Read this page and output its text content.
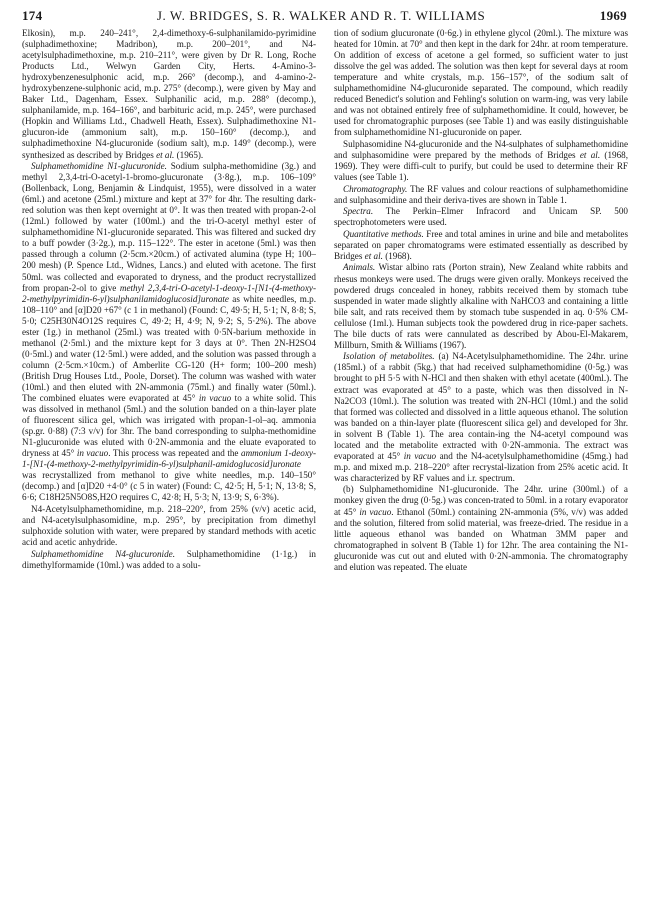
174	J. W. BRIDGES, S. R. WALKER AND R. T. WILLIAMS	1969

Elkosin), m.p. 240–241°, 2,4-dimethoxy-6-sulphanilamido-pyrimidine (sulphadimethoxine; Madribon), m.p. 200–201°, and N4-acetylsulphadimethoxine, m.p. 210–211°, were given by Dr R. Long, Roche Products Ltd., Welwyn Garden City, Herts. 4-Amino-3-hydroxybenzenesulphonic acid, m.p. 266° (decomp.), and 4-amino-2-hydroxybenzene-sulphonic acid, m.p. 275° (decomp.), were given by May and Baker Ltd., Dagenham, Essex. Sulphanilic acid, m.p. 288° (decomp.), sulphanilamide, m.p. 164–166°, and barbituric acid, m.p. 245°, were purchased (Hopkin and Williams Ltd., Chadwell Heath, Essex). Sulphadimethoxine N1-glucuron-ide (ammonium salt), m.p. 150–160° (decomp.), and sulphadimethoxine N4-glucuronide (sodium salt), m.p. 149° (decomp.), were synthesized as described by Bridges et al. (1965).

Sulphamethomidine N1-glucuronide. Sodium sulpha-methomidine (3g.) and methyl 2,3,4-tri-O-acetyl-1-bromo-glucuronate (3·8g.), m.p. 106–109° (Bollenback, Long, Benjamin & Lindquist, 1955), were dissolved in a water (6ml.) and acetone (25ml.) mixture and kept at 37° for 4hr. The resulting dark-red solution was then kept overnight at 0°. It was then treated with propan-2-ol (12ml.) followed by water (100ml.) and the tri-O-acetyl methyl ester of sulphamethomidine N1-glucuronide separated. This was filtered and sucked dry to a buff powder (3·2g.), m.p. 115–122°. The ester in acetone (5ml.) was then passed through a column (2·5cm.×20cm.) of activated alumina (type H; 100–200 mesh) (P. Spence Ltd., Widnes, Lancs.) and eluted with acetone. The first 50ml. was collected and evaporated to dryness, and the product recrystallized from propan-2-ol to give methyl 2,3,4-tri-O-acetyl-1-deoxy-1-[N1-(4-methoxy-2-methylpyrimidin-6-yl)sulphanilamidoglucosid]uronate as white needles, m.p. 108–110° and [α]D20 +67° (c 1 in methanol) (Found: C, 49·5; H, 5·1; N, 8·8; S, 5·0; C25H30N4O12S requires C, 49·2; H, 4·9; N, 9·2; S, 5·2%). The above ester (1g.) in methanol (25ml.) was treated with 0·5N-barium methoxide in methanol (2·5ml.) and the mixture kept for 3 days at 0°. Then 2N-H2SO4 (0·5ml.) and water (12·5ml.) were added, and the solution was passed through a column (2·5cm.×10cm.) of Amberlite CG-120 (H+ form; 100–200 mesh) (British Drug Houses Ltd., Poole, Dorset). The column was washed with water (10ml.) and then eluted with 2N-ammonia (75ml.) and finally water (50ml.). The combined eluates were evaporated at 45° in vacuo to a white solid. This was dissolved in methanol (5ml.) and the solution banded on a thin-layer plate of fluorescent silica gel, which was irrigated with propan-1-ol–aq. ammonia (sp.gr. 0·88) (7:3 v/v) for 3hr. The band corresponding to sulpha-methomidine N1-glucuronide was eluted with 0·2N-ammonia and the eluate evaporated to dryness at 45° in vacuo. This process was repeated and the ammonium 1-deoxy-1-[N1-(4-methoxy-2-methylpyrimidin-6-yl)sulphanil-amidoglucosid]uronate was recrystallized from methanol to give white needles, m.p. 140–150° (decomp.) and [α]D20 +4·0° (c 5 in water) (Found: C, 42·5; H, 5·1; N, 13·8; S, 6·6; C18H25N5O8S,H2O requires C, 42·8; H, 5·3; N, 13·9; S, 6·3%).

N4-Acetylsulphamethomidine, m.p. 218–220°, from 25% (v/v) acetic acid, and N4-acetylsulphasomidine, m.p. 295°, by precipitation from dimethyl sulphoxide solution with water, were prepared by standard methods with acetic acid and acetic anhydride.

Sulphamethomidine N4-glucuronide. Sulphamethomidine (1·1g.) in dimethylformamide (10ml.) was added to a solu-

tion of sodium glucuronate (0·6g.) in ethylene glycol (20ml.). The mixture was heated for 10min. at 70° and then kept in the dark for 24hr. at room temperature. On addition of excess of acetone a gel formed, so sufficient water to just dissolve the gel was added. The solution was then kept for several days at room temperature and white crystals, m.p. 156–157°, of the sodium salt of sulphamethomidine N4-glucuronide separated. The compound, which readily reduced Benedict's solution and Fehling's solution on warm-ing, was very labile and was not obtained entirely free of sulphamethomidine. It could, however, be used for chromatographic purposes (see Table 1) and was easily distinguishable from sulphamethomidine N1-glucuronide on paper.

Sulphasomidine N4-glucuronide and the N4-sulphates of sulphamethomidine and sulphasomidine were prepared by the methods of Bridges et al. (1968, 1969). They were diffi-cult to purify, but could be used to determine their RF values (see Table 1).

Chromatography. The RF values and colour reactions of sulphamethomidine and sulphasomidine and their deriva-tives are shown in Table 1.

Spectra. The Perkin–Elmer Infracord and Unicam SP. 500 spectrophotometers were used.

Quantitative methods. Free and total amines in urine and bile and metabolites separated on paper chromatograms were estimated essentially as described by Bridges et al. (1968).

Animals. Wistar albino rats (Porton strain), New Zealand white rabbits and rhesus monkeys were used. The drugs were given orally. Monkeys received the powdered drugs concealed in honey, rabbits received them by stomach tube suspended in water made slightly alkaline with NaHCO3 and containing a little bile salt, and rats received them by stomach tube suspended in aq. 0·5% CM-cellulose (1ml.). Human subjects took the powdered drug in rice-paper sachets. The bile ducts of rats were cannulated as described by Abou-El-Makarem, Millburn, Smith & Williams (1967).

Isolation of metabolites. (a) N4-Acetylsulphamethomidine. The 24hr. urine (185ml.) of a rabbit (5kg.) that had received sulphamethomidine (0·5g.) was brought to pH 5·5 with N-HCl and then shaken with ethyl acetate (400ml.). The extract was evaporated at 45° to a paste, which was then dissolved in N-Na2CO3 (10ml.). The solution was treated with 2N-HCl (10ml.) and the solid that formed was collected and dissolved in a little aqueous ethanol. The solution was banded on a thin-layer plate (fluorescent silica gel) and developed for 3hr. in solvent B (Table 1). The area contain-ing the N4-acetyl compound was located and the metabolite extracted with 0·2N-ammonia. The extract was evaporated at 45° in vacuo and the N4-acetylsulphamethomidine (45mg.) had m.p. and mixed m.p. 218–220° after recrystal-lization from 25% acetic acid. It was characterized by RF values and i.r. spectrum.

(b) Sulphamethomidine N1-glucuronide. The 24hr. urine (300ml.) of a monkey given the drug (0·5g.) was concen-trated to 50ml. in a rotary evaporator at 45° in vacuo. Ethanol (50ml.) containing 2N-ammonia (5%, v/v) was added and the solution, filtered from solid material, was freeze-dried. The residue in a little aqueous ethanol was banded on Whatman 3MM paper and chromatographed in solvent B (Table 1) for 12hr. The area containing the N1-glucuronide was cut out and eluted with 0·2N-ammonia. The chromatography and elution was repeated. The eluate
